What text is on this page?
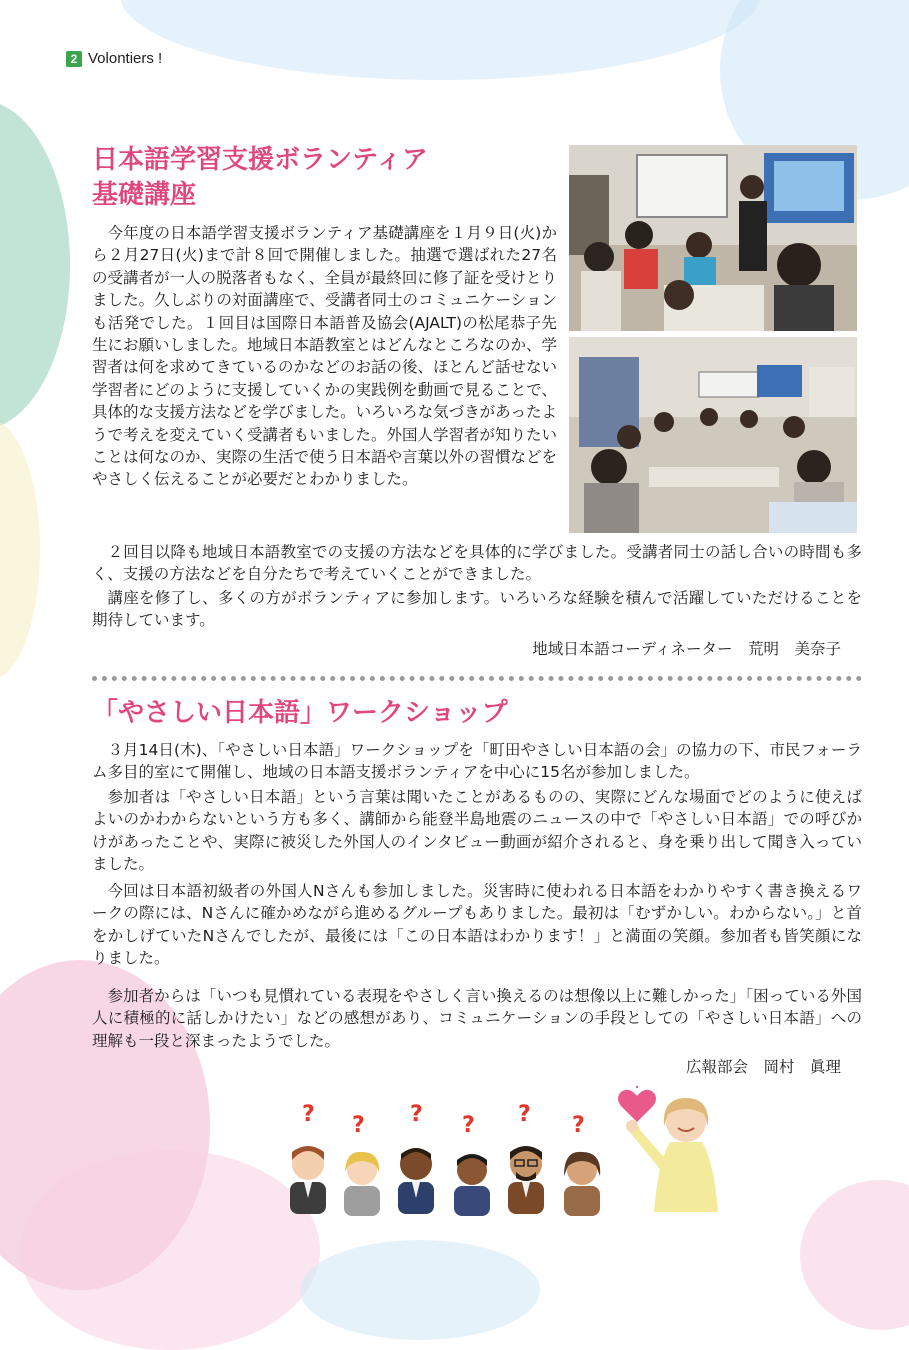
2 Volontiers !
日本語学習支援ボランティア
基礎講座

今年度の日本語学習支援ボランティア基礎講座を１月９日(火)から２月27日(火)まで計８回で開催しました。抽選で選ばれた27名の受講者が一人の脱落者もなく、全員が最終回に修了証を受けとりました。久しぶりの対面講座で、受講者同士のコミュニケーションも活発でした。１回目は国際日本語普及協会(AJALT)の松尾恭子先生にお願いしました。地域日本語教室とはどんなところなのか、学習者は何を求めてきているのかなどのお話の後、ほとんど話せない学習者にどのように支援していくかの実践例を動画で見ることで、具体的な支援方法などを学びました。いろいろな気づきがあったようで考えを変えていく受講者もいました。外国人学習者が知りたいことは何なのか、実際の生活で使う日本語や言葉以外の習慣などをやさしく伝えることが必要だとわかりました。

２回目以降も地域日本語教室での支援の方法などを具体的に学びました。受講者同士の話し合いの時間も多く、支援の方法などを自分たちで考えていくことができました。

講座を修了し、多くの方がボランティアに参加します。いろいろな経験を積んで活躍していただけることを期待しています。

地域日本語コーディネーター　荒明　美奈子

「やさしい日本語」ワークショップ

３月14日(木)、「やさしい日本語」ワークショップを「町田やさしい日本語の会」の協力の下、市民フォーラム多目的室にて開催し、地域の日本語支援ボランティアを中心に15名が参加しました。

参加者は「やさしい日本語」という言葉は聞いたことがあるものの、実際にどんな場面でどのように使えばよいのかわからないという方も多く、講師から能登半島地震のニュースの中で「やさしい日本語」での呼びかけがあったことや、実際に被災した外国人のインタビュー動画が紹介されると、身を乗り出して聞き入っていました。

今回は日本語初級者の外国人Nさんも参加しました。災害時に使われる日本語をわかりやすく書き換えるワークの際には、Nさんに確かめながら進めるグループもありました。最初は「むずかしい。わからない。」と首をかしげていたNさんでしたが、最後には「この日本語はわかります！」と満面の笑顔。参加者も皆笑顔になりました。

参加者からは「いつも見慣れている表現をやさしく言い換えるのは想像以上に難しかった」「困っている外国人に積極的に話しかけたい」などの感想があり、コミュニケーションの手段としての「やさしい日本語」への理解も一段と深まったようでした。

広報部会　岡村　眞理

? ? ? ? ? ?
